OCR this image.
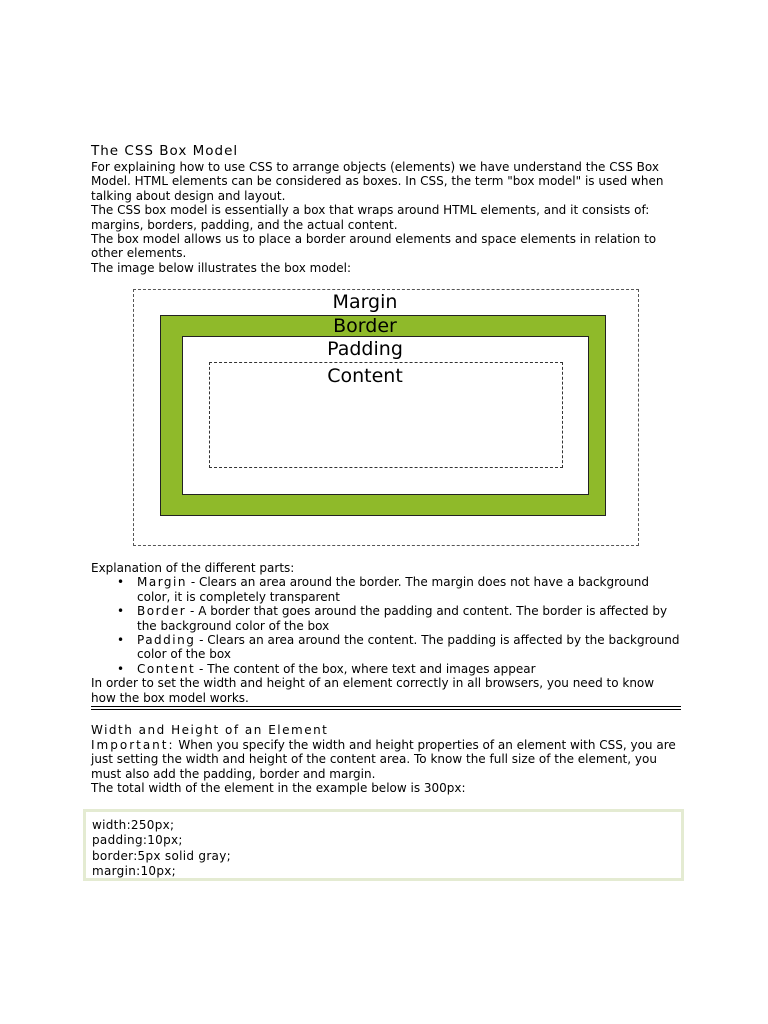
The CSS Box Model

For explaining how to use CSS to arrange objects (elements) we have understand the CSS Box Model. HTML elements can be considered as boxes. In CSS, the term "box model" is used when talking about design and layout.

The CSS box model is essentially a box that wraps around HTML elements, and it consists of: margins, borders, padding, and the actual content.

The box model allows us to place a border around elements and space elements in relation to other elements.

The image below illustrates the box model:

Margin
Border
Padding
Content

Explanation of the different parts:

• Margin - Clears an area around the border. The margin does not have a background color, it is completely transparent
• Border - A border that goes around the padding and content. The border is affected by the background color of the box
• Padding - Clears an area around the content. The padding is affected by the background color of the box
• Content - The content of the box, where text and images appear

In order to set the width and height of an element correctly in all browsers, you need to know how the box model works.

Width and Height of an Element

Important: When you specify the width and height properties of an element with CSS, you are just setting the width and height of the content area. To know the full size of the element, you must also add the padding, border and margin.

The total width of the element in the example below is 300px:

width:250px;
padding:10px;
border:5px solid gray;
margin:10px;
